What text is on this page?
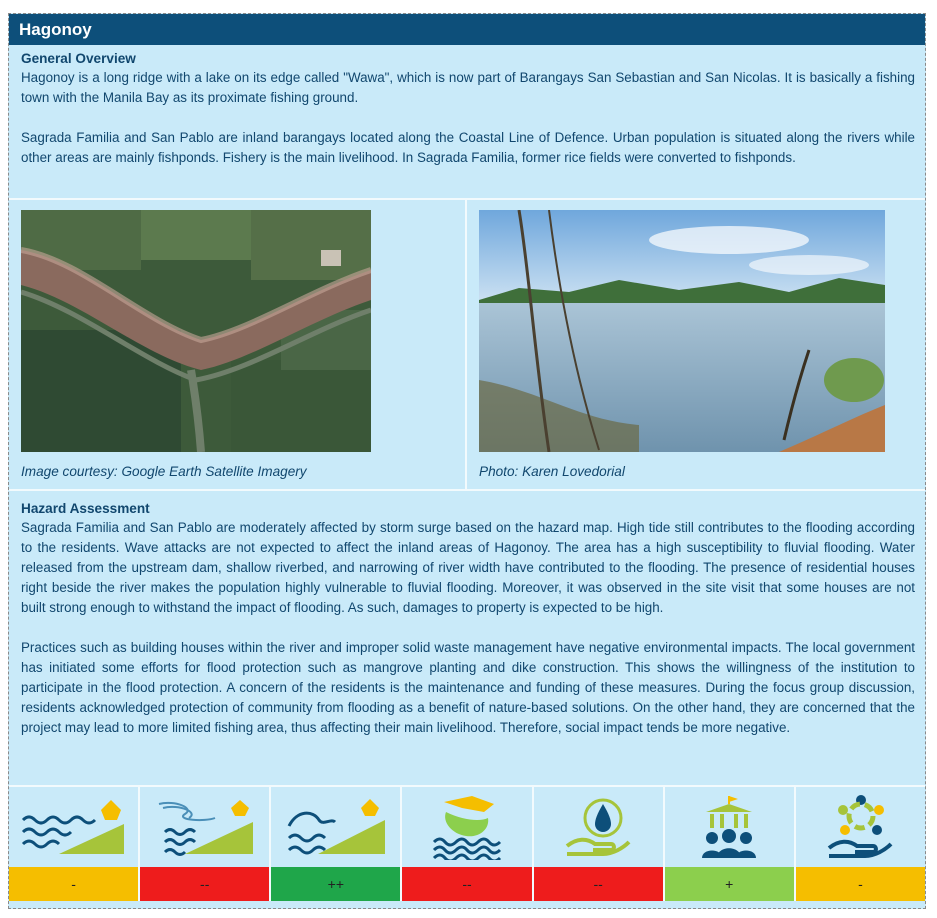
Hagonoy
General Overview

Hagonoy is a long ridge with a lake on its edge called "Wawa", which is now part of Barangays San Sebastian and San Nicolas. It is basically a fishing town with the Manila Bay as its proximate fishing ground.

Sagrada Familia and San Pablo are inland barangays located along the Coastal Line of Defence. Urban population is situated along the rivers while other areas are mainly fishponds. Fishery is the main livelihood. In Sagrada Familia, former rice fields were converted to fishponds.

Image courtesy: Google Earth Satellite Imagery	Photo: Karen Lovedorial
Hazard Assessment

Sagrada Familia and San Pablo are moderately affected by storm surge based on the hazard map. High tide still contributes to the flooding according to the residents. Wave attacks are not expected to affect the inland areas of Hagonoy. The area has a high susceptibility to fluvial flooding. Water released from the upstream dam, shallow riverbed, and narrowing of river width have contributed to the flooding. The presence of residential houses right beside the river makes the population highly vulnerable to fluvial flooding. Moreover, it was observed in the site visit that some houses are not built strong enough to withstand the impact of flooding. As such, damages to property is expected to be high.

Practices such as building houses within the river and improper solid waste management have negative environmental impacts. The local government has initiated some efforts for flood protection such as mangrove planting and dike construction. This shows the willingness of the institution to participate in the flood protection. A concern of the residents is the maintenance and funding of these measures. During the focus group discussion, residents acknowledged protection of community from flooding as a benefit of nature-based solutions. On the other hand, they are concerned that the project may lead to more limited fishing area, thus affecting their main livelihood. Therefore, social impact tends be more negative.

-	--	++	--	--	+	-
